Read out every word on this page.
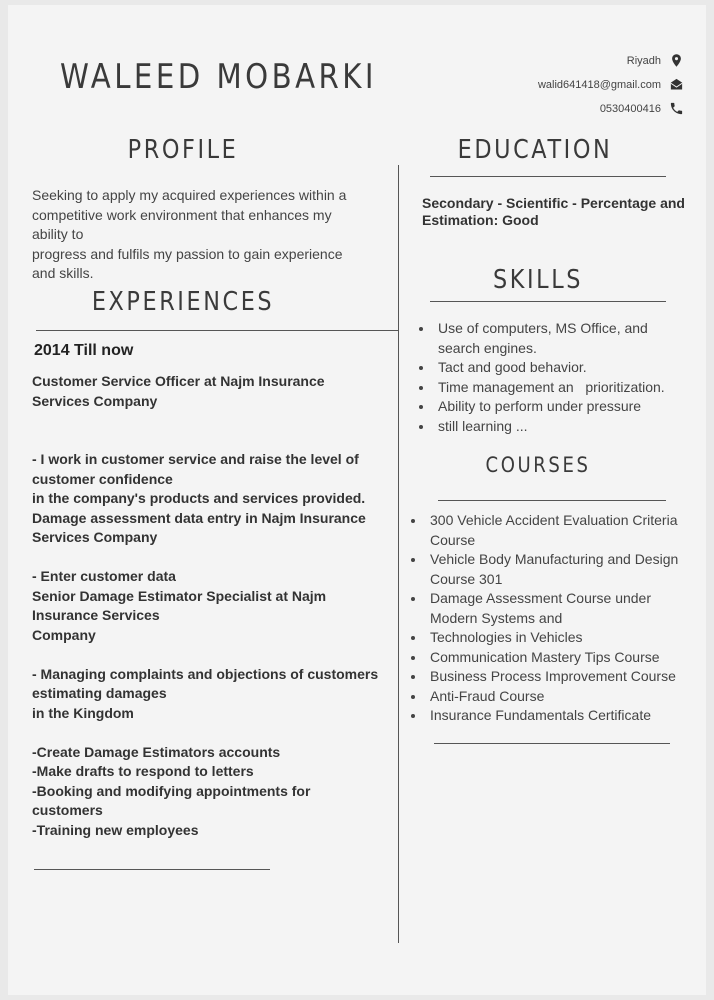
WALEED MOBARKI	Riyadh
walid641418@gmail.com
0530400416
PROFILE
Seeking to apply my acquired experiences within a
competitive work environment that enhances my
ability to
progress and fulfils my passion to gain experience
and skills.
EXPERIENCES
2014 Till now
Customer Service Officer at Najm Insurance
Services Company
- I work in customer service and raise the level of
customer confidence
in the company's products and services provided.
Damage assessment data entry in Najm Insurance
Services Company
- Enter customer data
Senior Damage Estimator Specialist at Najm
Insurance Services
Company
- Managing complaints and objections of customers
estimating damages
in the Kingdom
-Create Damage Estimators accounts
-Make drafts to respond to letters
-Booking and modifying appointments for
customers
-Training new employees
EDUCATION
Secondary - Scientific - Percentage and
Estimation: Good
SKILLS
• Use of computers, MS Office, and
search engines.
• Tact and good behavior.
• Time management an   prioritization.
• Ability to perform under pressure
• still learning ...
COURSES
• 300 Vehicle Accident Evaluation Criteria
Course
• Vehicle Body Manufacturing and Design
Course 301
• Damage Assessment Course under
Modern Systems and
• Technologies in Vehicles
• Communication Mastery Tips Course
• Business Process Improvement Course
• Anti-Fraud Course
• Insurance Fundamentals Certificate
